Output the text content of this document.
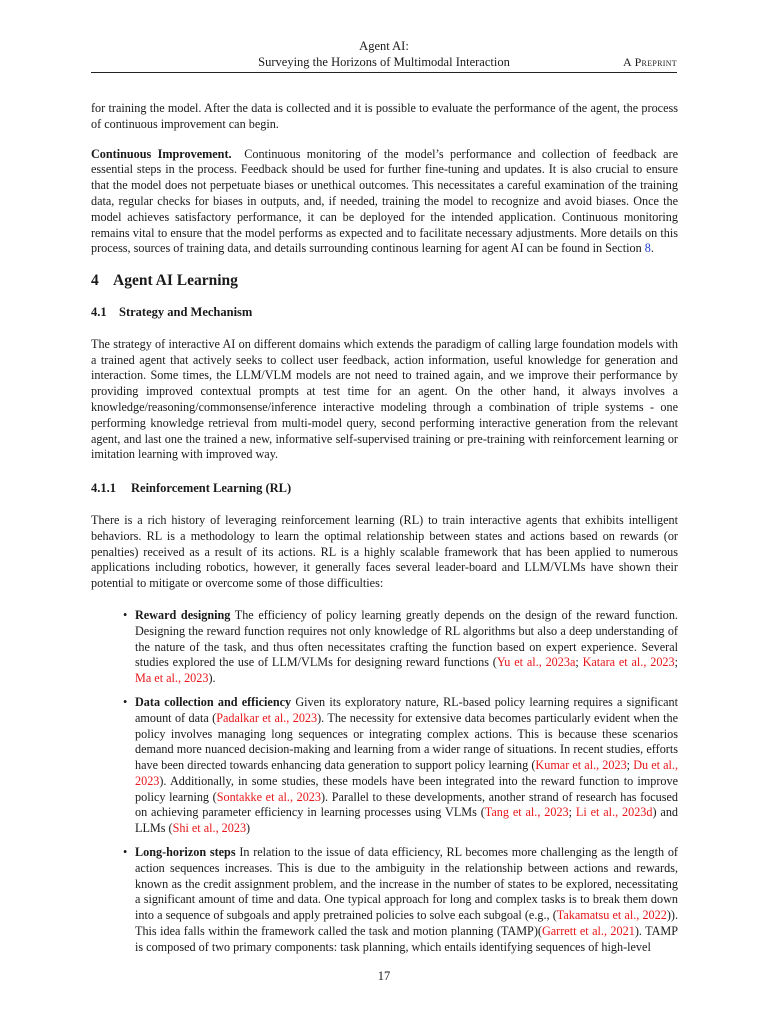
Agent AI:
Surveying the Horizons of Multimodal Interaction	A Preprint

for training the model. After the data is collected and it is possible to evaluate the performance of the agent, the process of continuous improvement can begin.

Continuous Improvement. Continuous monitoring of the model’s performance and collection of feedback are essential steps in the process. Feedback should be used for further fine-tuning and updates. It is also crucial to ensure that the model does not perpetuate biases or unethical outcomes. This necessitates a careful examination of the training data, regular checks for biases in outputs, and, if needed, training the model to recognize and avoid biases. Once the model achieves satisfactory performance, it can be deployed for the intended application. Continuous monitoring remains vital to ensure that the model performs as expected and to facilitate necessary adjustments. More details on this process, sources of training data, and details surrounding continous learning for agent AI can be found in Section 8.

4 Agent AI Learning
4.1 Strategy and Mechanism

The strategy of interactive AI on different domains which extends the paradigm of calling large foundation models with a trained agent that actively seeks to collect user feedback, action information, useful knowledge for generation and interaction. Some times, the LLM/VLM models are not need to trained again, and we improve their performance by providing improved contextual prompts at test time for an agent. On the other hand, it always involves a knowledge/reasoning/commonsense/inference interactive modeling through a combination of triple systems - one performing knowledge retrieval from multi-model query, second performing interactive generation from the relevant agent, and last one the trained a new, informative self-supervised training or pre-training with reinforcement learning or imitation learning with improved way.

4.1.1 Reinforcement Learning (RL)

There is a rich history of leveraging reinforcement learning (RL) to train interactive agents that exhibits intelligent behaviors. RL is a methodology to learn the optimal relationship between states and actions based on rewards (or penalties) received as a result of its actions. RL is a highly scalable framework that has been applied to numerous applications including robotics, however, it generally faces several leader-board and LLM/VLMs have shown their potential to mitigate or overcome some of those difficulties:

• Reward designing The efficiency of policy learning greatly depends on the design of the reward function. Designing the reward function requires not only knowledge of RL algorithms but also a deep understanding of the nature of the task, and thus often necessitates crafting the function based on expert experience. Several studies explored the use of LLM/VLMs for designing reward functions (Yu et al., 2023a; Katara et al., 2023; Ma et al., 2023).
• Data collection and efficiency Given its exploratory nature, RL-based policy learning requires a significant amount of data (Padalkar et al., 2023). The necessity for extensive data becomes particularly evident when the policy involves managing long sequences or integrating complex actions. This is because these scenarios demand more nuanced decision-making and learning from a wider range of situations. In recent studies, efforts have been directed towards enhancing data generation to support policy learning (Kumar et al., 2023; Du et al., 2023). Additionally, in some studies, these models have been integrated into the reward function to improve policy learning (Sontakke et al., 2023). Parallel to these developments, another strand of research has focused on achieving parameter efficiency in learning processes using VLMs (Tang et al., 2023; Li et al., 2023d) and LLMs (Shi et al., 2023)
• Long-horizon steps In relation to the issue of data efficiency, RL becomes more challenging as the length of action sequences increases. This is due to the ambiguity in the relationship between actions and rewards, known as the credit assignment problem, and the increase in the number of states to be explored, necessitating a significant amount of time and data. One typical approach for long and complex tasks is to break them down into a sequence of subgoals and apply pretrained policies to solve each subgoal (e.g., (Takamatsu et al., 2022)). This idea falls within the framework called the task and motion planning (TAMP)(Garrett et al., 2021). TAMP is composed of two primary components: task planning, which entails identifying sequences of high-level
17
